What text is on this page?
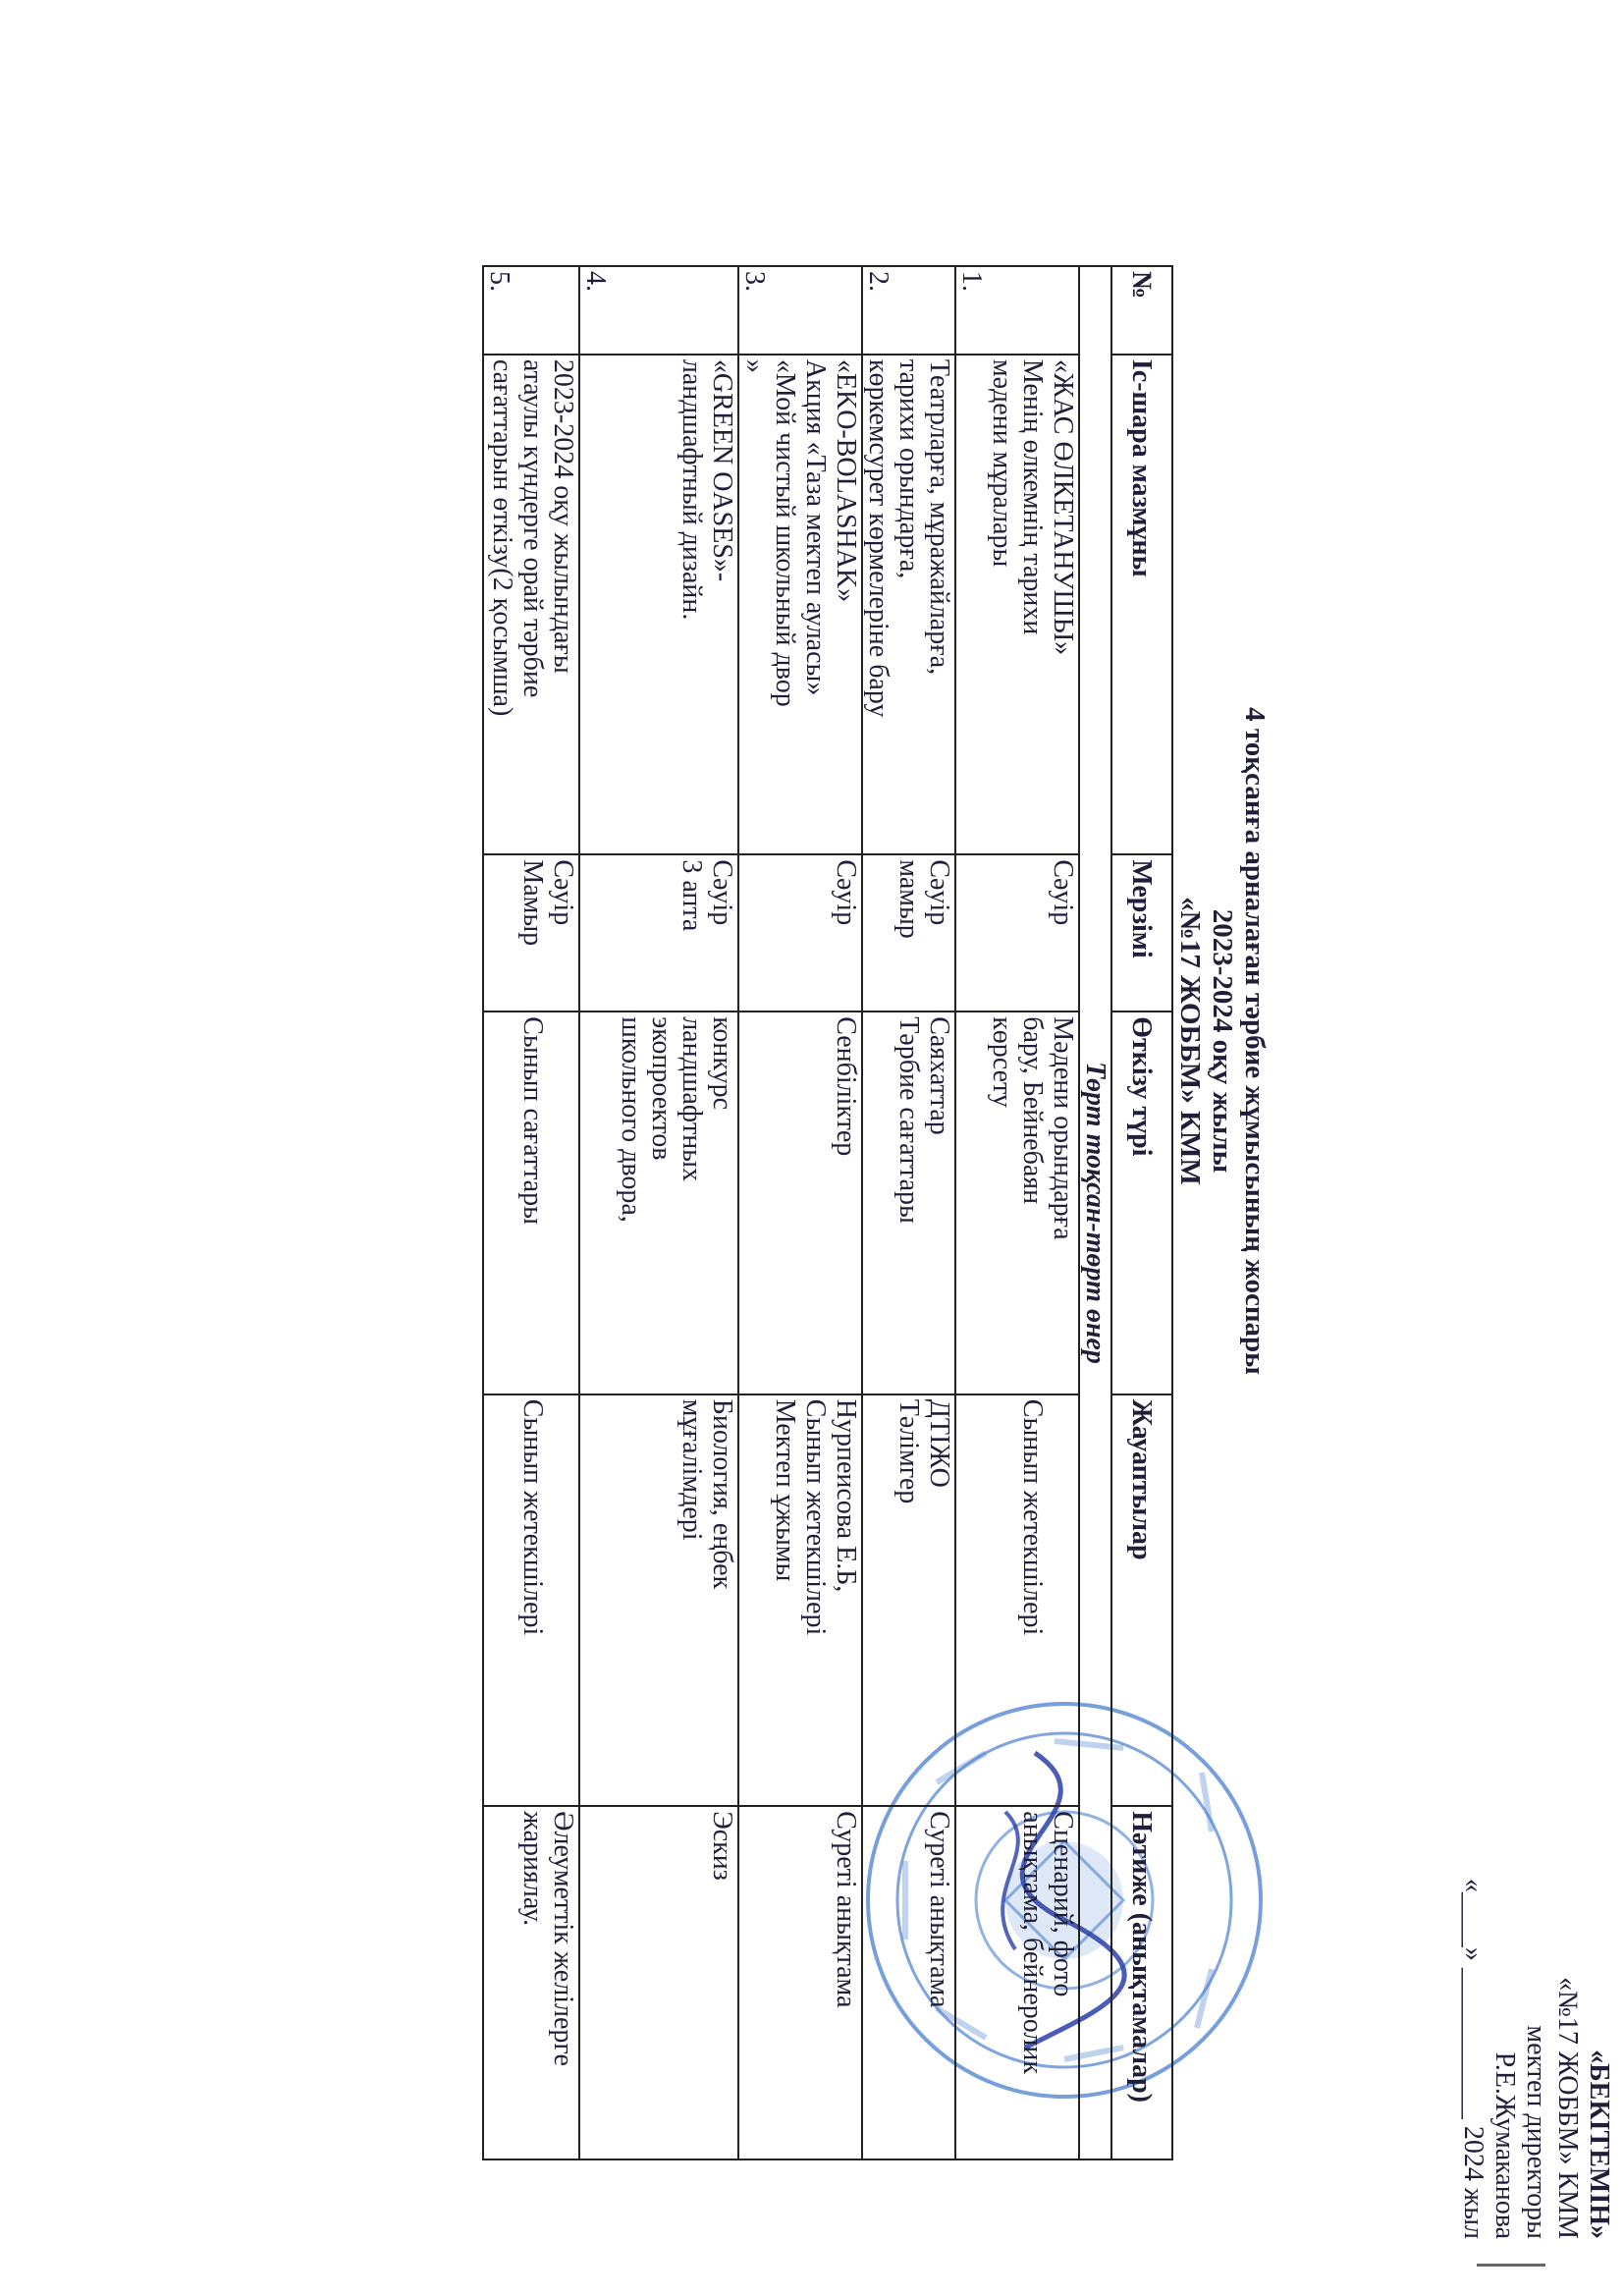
«БЕКІТЕМІН»
«№17 ЖОББМ» КММ
мектеп директоры
Р.Е.Жумаканова
«____» ___________ 2024 жыл
4 тоқсанға арналаған тәрбие жұмысының жоспары
2023-2024 оқу жылы
«№17 ЖОББМ» КММ
№	Іс-шара мазмұны	Мерзімі	Өткізу түрі	Жауаптылар	Нәтиже (анықтамалар)
Төрт тоқсан-төрт өнер					
1.	«ЖАС ӨЛКЕТАНУШЫ»
Менің өлкемнің тарихи
мәдени мұралары	Сәуір	Мәдени орындарға
бару, Бейнебаян
көрсету	Сынып жетекшілері	Сценарий, фото
анықтама, бейнеролик

2.	Театрларға, мұражайларға,
тарихи орындарға,
көркемсурет көрмелеріне бару	Сәуір
мамыр	Саяхаттар
Тәрбие сағаттары	ДТІЖО
Тәлімгер	Суреті анықтама

3.	«EKO-BOLASHAK»
Акция «Таза мектеп ауласы»
«Мой чистый школьный двор
»	Сәуір	Сенбіліктер	Нурпеисова Е.Б,
Сынып жетекшілері
Мектеп ұжымы	Суреті анықтама

4.	«GREEN OASES»-
ландшафтный дизайн.	Сәуір
3 апта	конкурс
ландшафтных
экопроектов
школьного двора,	Биология, еңбек
мұғалімдері	Эскиз

5.	2023-2024 оқу жылындағы
атаулы күндерге орай тәрбие
сағаттарын өткізу(2 қосымша)	Сәуір
Мамыр	Сынып сағаттары	Сынып жетекшілері	Әлеуметтік желілерге
жариялау.
